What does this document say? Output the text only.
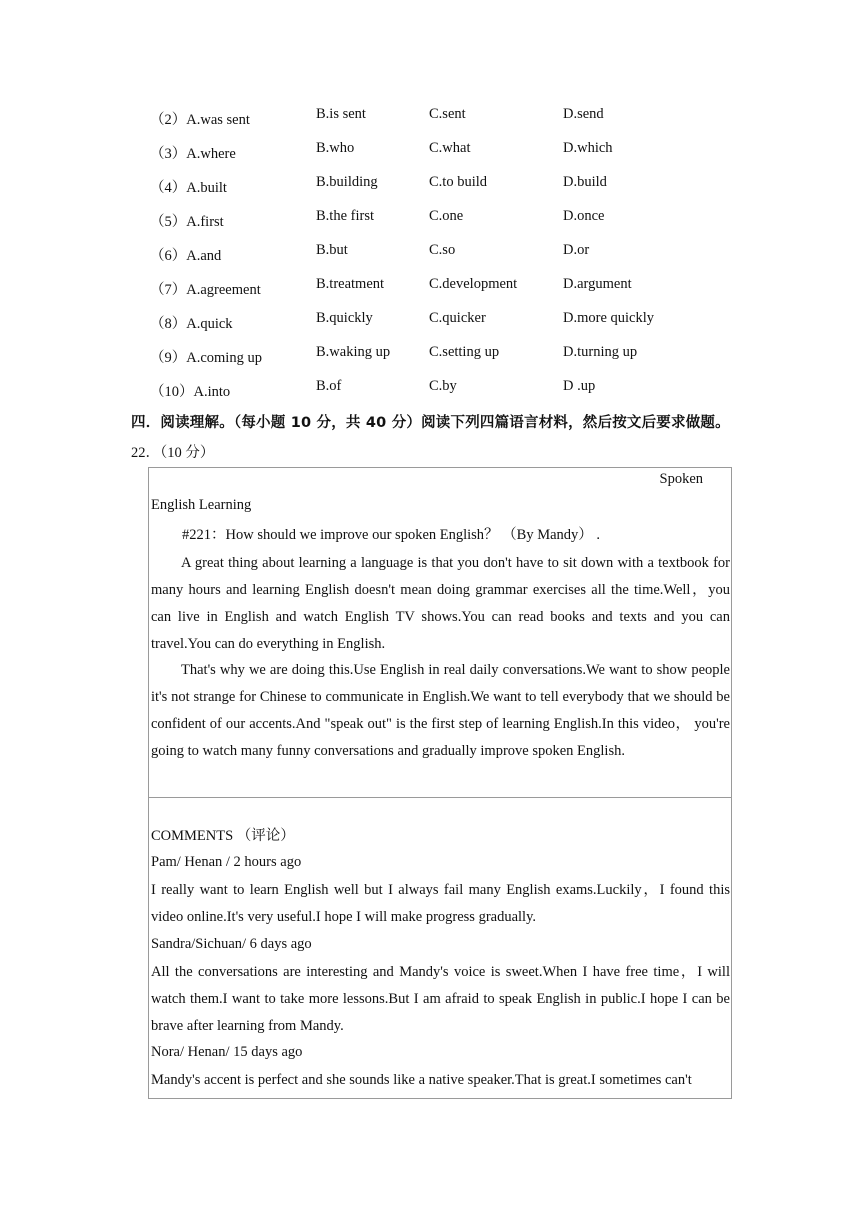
（2）A.was sent	B.is sent	C.sent	D.send
（3）A.where	B.who	C.what	D.which
（4）A.built	B.building	C.to build	D.build
（5）A.first	B.the first	C.one	D.once
（6）A.and	B.but	C.so	D.or
（7）A.agreement	B.treatment	C.development	D.argument
（8）A.quick	B.quickly	C.quicker	D.more quickly
（9）A.coming up	B.waking up	C.setting up	D.turning up
（10）A.into	B.of	C.by	D .up
四．阅读理解。（每小题 10 分，共 40 分）阅读下列四篇语言材料，然后按文后要求做题。
22．（10 分）
Spoken
English Learning
#221：How should we improve our spoken English？ （By Mandy） .
A great thing about learning a language is that you don't have to sit down with a textbook for many hours and learning English doesn't mean doing grammar exercises all the time.Well，you can live in English and watch English TV shows.You can read books and texts and you can travel.You can do everything in English.
That's why we are doing this.Use English in real daily conversations.We want to show people it's not strange for Chinese to communicate in English.We want to tell everybody that we should be confident of our accents.And "speak out" is the first step of learning English.In this video， you're going to watch many funny conversations and gradually improve spoken English.
COMMENTS （评论）
Pam/ Henan / 2 hours ago
I really want to learn English well but I always fail many English exams.Luckily，I found this video online.It's very useful.I hope I will make progress gradually.
Sandra/Sichuan/ 6 days ago
All the conversations are interesting and Mandy's voice is sweet.When I have free time，I will watch them.I want to take more lessons.But I am afraid to speak English in public.I hope I can be brave after learning from Mandy.
Nora/ Henan/ 15 days ago
Mandy's accent is perfect and she sounds like a native speaker.That is great.I sometimes can't
